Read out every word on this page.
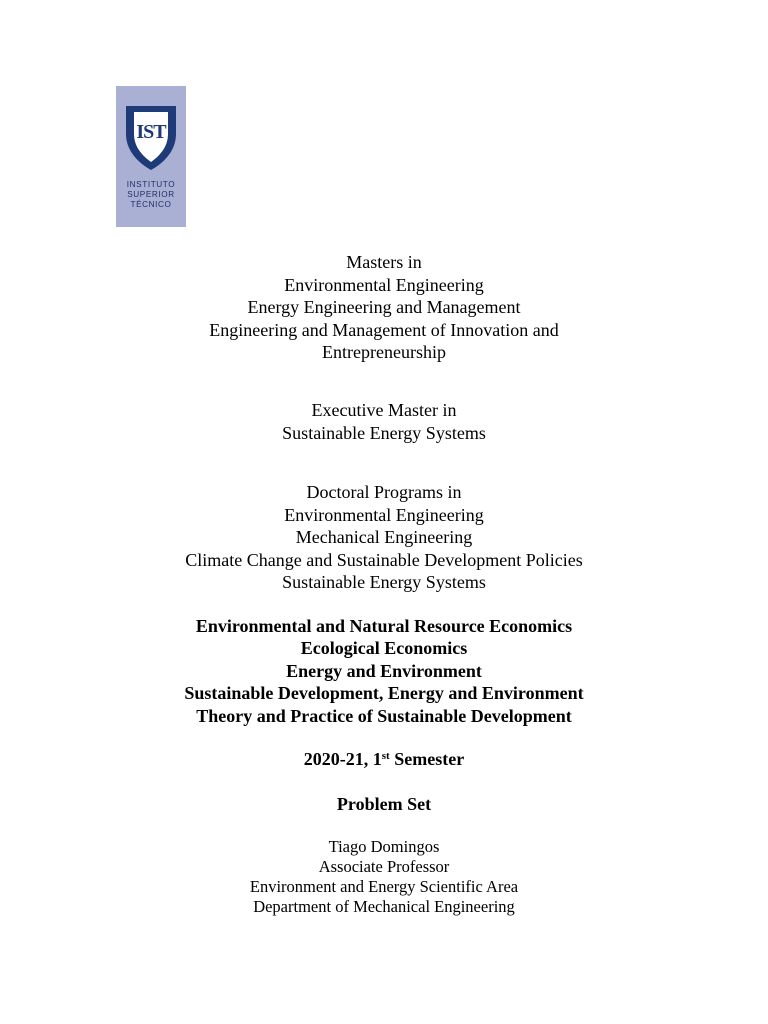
IST
INSTITUTO
SUPERIOR
TÉCNICO
Masters in
Environmental Engineering
Energy Engineering and Management
Engineering and Management of Innovation and
Entrepreneurship
Executive Master in
Sustainable Energy Systems
Doctoral Programs in
Environmental Engineering
Mechanical Engineering
Climate Change and Sustainable Development Policies
Sustainable Energy Systems
Environmental and Natural Resource Economics
Ecological Economics
Energy and Environment
Sustainable Development, Energy and Environment
Theory and Practice of Sustainable Development
2020-21, 1st Semester
Problem Set
Tiago Domingos
Associate Professor
Environment and Energy Scientific Area
Department of Mechanical Engineering
